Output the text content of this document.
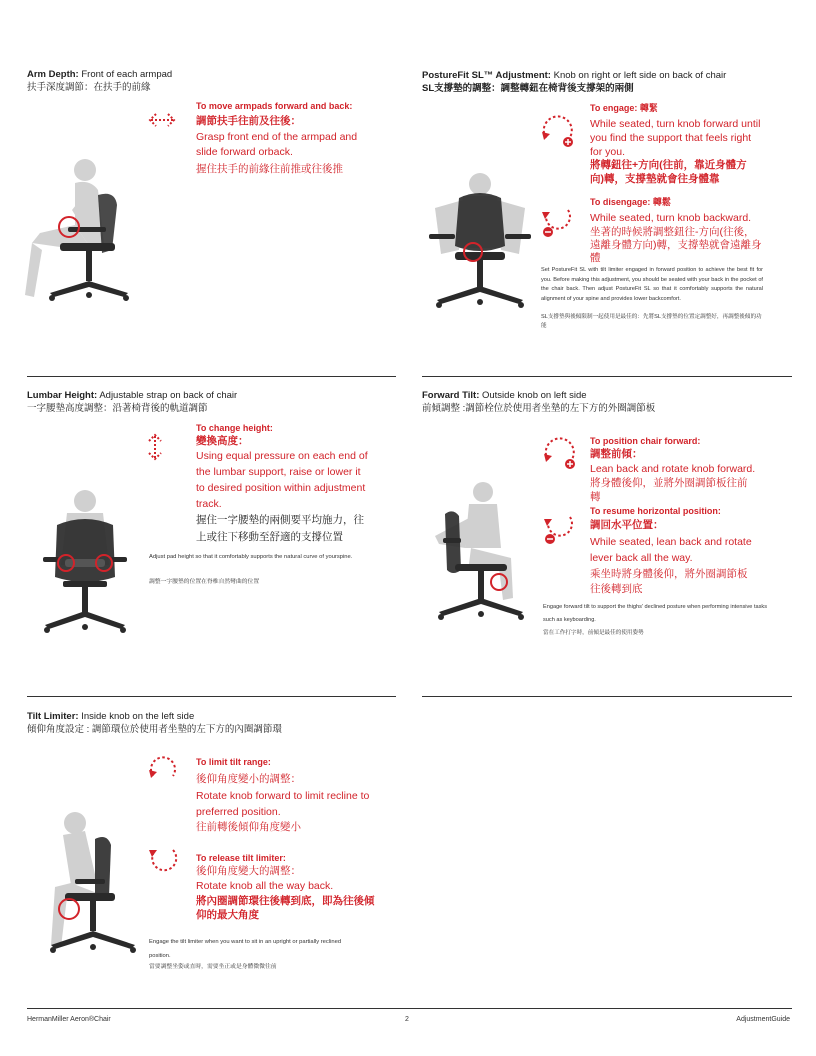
Arm Depth: Front of each armpad
扶手深度調節：在扶手的前緣
To move armpads forward and back:
調節扶手往前及往後：
Grasp front end of the armpad and slide forward orback.
握住扶手的前緣往前推或往後推
PostureFit SL™ Adjustment: Knob on right or left side on back of chair
SL支撐墊的調整：調整轉鈕在椅背後支撐架的兩側
To engage: 轉緊
While seated, turn knob forward until you find the support that feels right for you.
將轉鈕往+方向(往前，靠近身體方向)轉，支撐墊就會往身體靠
To disengage: 轉鬆
While seated, turn knob backward.
坐著的時候將調整鈕往-方向(往後，遠離身體方向)轉，支撐墊就會遠離身體
Set PostureFit SL with tilt limiter engaged in forward position to achieve the best fit for you. Before making this adjustment, you should be seated with your back in the pocket of the chair back. Then adjust PostureFit SL so that it comfortably supports the natural alignment of your spine and provides lower backcomfort.
SL支撐墊與後傾限制一起使用是最佳的：先將SL支撐墊的位置定調整好，再調整後傾的功能
Lumbar Height: Adjustable strap on back of chair
一字腰墊高度調整：沿著椅背後的軌道調節
To change height:
變換高度：
Using equal pressure on each end of the lumbar support, raise or lower it to desired position within adjustment track.
握住一字腰墊的兩側要平均施力，往上或往下移動至舒適的支撐位置
Adjust pad height so that it comfortably supports the natural curve of yourspine.
調整一字腰墊的位置在脊椎自然彎曲的位置
Forward Tilt: Outside knob on left side
前傾調整 :調節栓位於使用者坐墊的左下方的外圈調節板
To position chair forward:
調整前傾：
Lean back and rotate knob forward.
將身體後仰，並將外圈調節板往前轉
To resume horizontal position:
調回水平位置：
While seated, lean back and rotate lever back all the way.
乘坐時將身體後仰，將外圈調節板往後轉到底
Engage forward tilt to support the thighs' declined posture when performing intensive tasks such as keyboarding.
當在工作打字時，前傾是最佳的使用姿勢
Tilt Limiter: Inside knob on the left side
傾仰角度設定 : 調節環位於使用者坐墊的左下方的內圈調節環
To limit tilt range:
後仰角度變小的調整：
Rotate knob forward to limit recline to preferred position.
往前轉後傾仰角度變小
To release tilt limiter:
後仰角度變大的調整：
Rotate knob all the way back.
將內圈調節環往後轉到底，即為往後傾仰的最大角度
Engage the tilt limiter when you want to sit in an upright or partially reclined position.
當要調整坐姿或直時，需要坐正或是身體微微往前
HermanMiller Aeron®Chair	2	AdjustmentGuide
